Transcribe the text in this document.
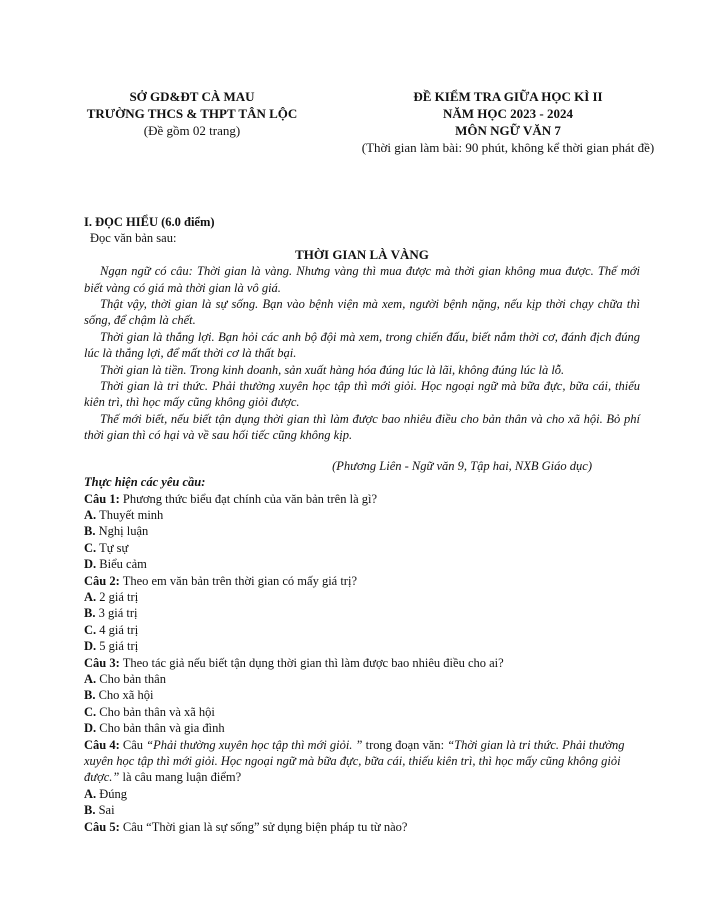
SỞ GD&ĐT CÀ MAU
TRƯỜNG THCS & THPT TÂN LỘC
(Đề gồm 02 trang)
ĐỀ KIỂM TRA GIỮA HỌC KÌ II
NĂM HỌC 2023 - 2024
MÔN NGỮ VĂN 7
(Thời gian làm bài: 90 phút, không kể thời gian phát đề)
I. ĐỌC HIỂU (6.0 điểm)
Đọc văn bản sau:
THỜI GIAN LÀ VÀNG

Ngạn ngữ có câu: Thời gian là vàng. Nhưng vàng thì mua được mà thời gian không mua được. Thế mới biết vàng có giá mà thời gian là vô giá.

Thật vậy, thời gian là sự sống. Bạn vào bệnh viện mà xem, người bệnh nặng, nếu kịp thời chạy chữa thì sống, để chậm là chết.

Thời gian là thắng lợi. Bạn hỏi các anh bộ đội mà xem, trong chiến đấu, biết nắm thời cơ, đánh địch đúng lúc là thắng lợi, để mất thời cơ là thất bại.

Thời gian là tiền. Trong kinh doanh, sản xuất hàng hóa đúng lúc là lãi, không đúng lúc là lỗ.

Thời gian là tri thức. Phải thường xuyên học tập thì mới giỏi. Học ngoại ngữ mà bữa đực, bữa cái, thiếu kiên trì, thì học mấy cũng không giỏi được.

Thế mới biết, nếu biết tận dụng thời gian thì làm được bao nhiêu điều cho bản thân và cho xã hội. Bỏ phí thời gian thì có hại và về sau hối tiếc cũng không kịp.

(Phương Liên - Ngữ văn 9, Tập hai, NXB Giáo dục)
Thực hiện các yêu cầu:
Câu 1: Phương thức biểu đạt chính của văn bản trên là gì?
A. Thuyết minh
B. Nghị luận
C. Tự sự
D. Biểu cảm
Câu 2: Theo em văn bản trên thời gian có mấy giá trị?
A. 2 giá trị
B. 3 giá trị
C. 4 giá trị
D. 5 giá trị
Câu 3: Theo tác giả nếu biết tận dụng thời gian thì làm được bao nhiêu điều cho ai?
A. Cho bản thân
B. Cho xã hội
C. Cho bản thân và xã hội
D. Cho bản thân và gia đình
Câu 4: Câu “Phải thường xuyên học tập thì mới giỏi. ” trong đoạn văn: “Thời gian là tri thức. Phải thường xuyên học tập thì mới giỏi. Học ngoại ngữ mà bữa đực, bữa cái, thiếu kiên trì, thì học mấy cũng không giỏi được.” là câu mang luận điểm?
A. Đúng
B. Sai
Câu 5: Câu “Thời gian là sự sống” sử dụng biện pháp tu từ nào?
